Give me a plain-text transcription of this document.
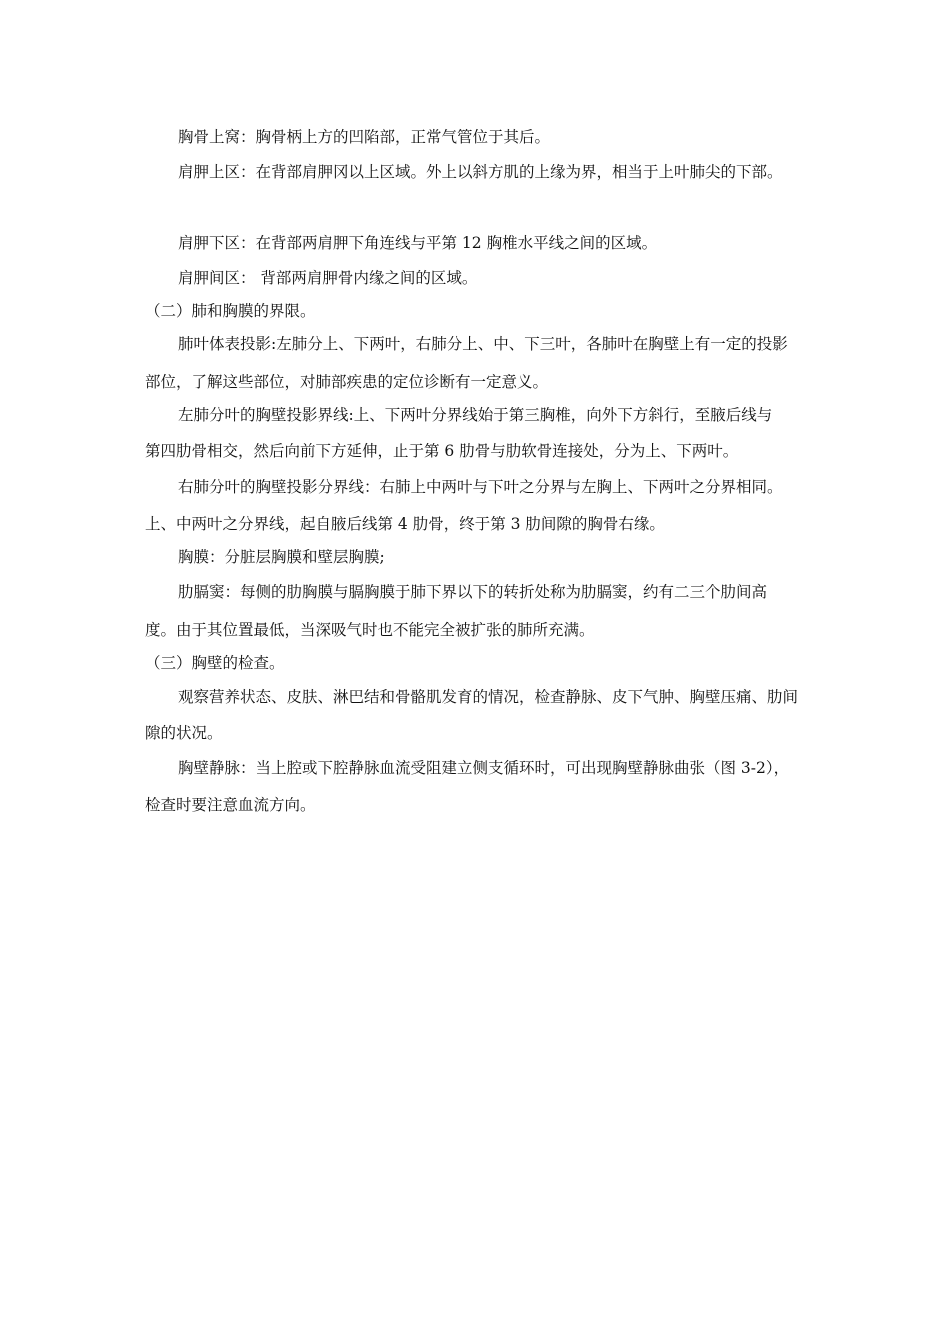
胸骨上窝：胸骨柄上方的凹陷部，正常气管位于其后。
肩胛上区：在背部肩胛冈以上区域。外上以斜方肌的上缘为界，相当于上叶肺尖的下部。
肩胛下区：在背部两肩胛下角连线与平第 12 胸椎水平线之间的区域。
肩胛间区： 背部两肩胛骨内缘之间的区域。
（二）肺和胸膜的界限。
肺叶体表投影:左肺分上、下两叶，右肺分上、中、下三叶，各肺叶在胸壁上有一定的投影
部位，了解这些部位，对肺部疾患的定位诊断有一定意义。
左肺分叶的胸壁投影界线:上、下两叶分界线始于第三胸椎，向外下方斜行，至腋后线与
第四肋骨相交，然后向前下方延伸，止于第 6 肋骨与肋软骨连接处，分为上、下两叶。
右肺分叶的胸壁投影分界线：右肺上中两叶与下叶之分界与左胸上、下两叶之分界相同。
上、中两叶之分界线，起自腋后线第 4 肋骨，终于第 3 肋间隙的胸骨右缘。
胸膜：分脏层胸膜和壁层胸膜;
肋膈窦：每侧的肋胸膜与膈胸膜于肺下界以下的转折处称为肋膈窦，约有二三个肋间高
度。由于其位置最低，当深吸气时也不能完全被扩张的肺所充满。
（三）胸壁的检查。
观察营养状态、皮肤、淋巴结和骨骼肌发育的情况，检查静脉、皮下气肿、胸壁压痛、肋间
隙的状况。
胸壁静脉：当上腔或下腔静脉血流受阻建立侧支循环时，可出现胸壁静脉曲张（图 3-2），
检查时要注意血流方向。
